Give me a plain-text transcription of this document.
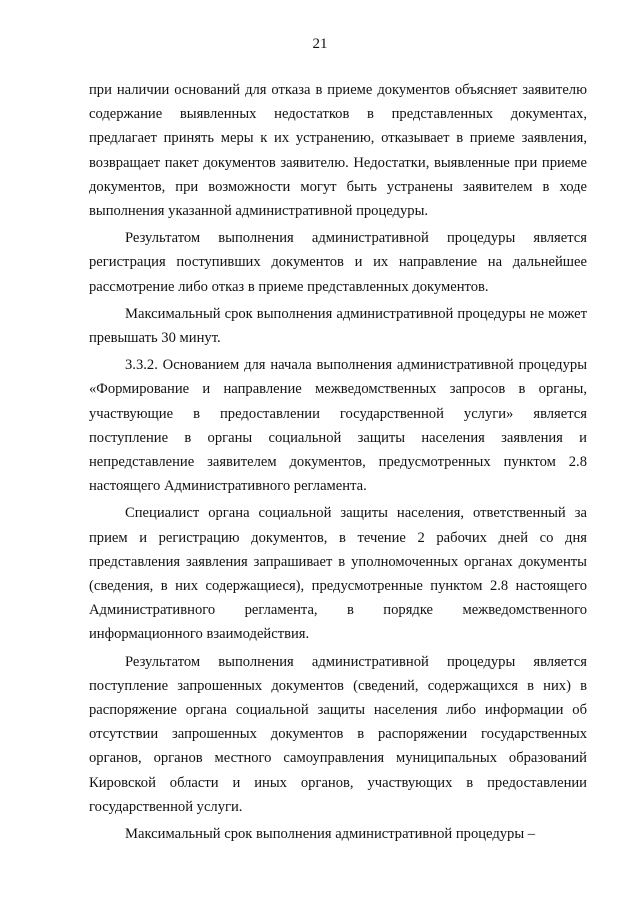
21

при наличии оснований для отказа в приеме документов объясняет заявителю содержание выявленных недостатков в представленных документах, предлагает принять меры к их устранению, отказывает в приеме заявления, возвращает пакет документов заявителю. Недостатки, выявленные при приеме документов, при возможности могут быть устранены заявителем в ходе выполнения указанной административной процедуры.

Результатом выполнения административной процедуры является регистрация поступивших документов и их направление на дальнейшее рассмотрение либо отказ в приеме представленных документов.

Максимальный срок выполнения административной процедуры не может превышать 30 минут.

3.3.2. Основанием для начала выполнения административной процедуры «Формирование и направление межведомственных запросов в органы, участвующие в предоставлении государственной услуги» является поступление в органы социальной защиты населения заявления и непредставление заявителем документов, предусмотренных пунктом 2.8 настоящего Административного регламента.

Специалист органа социальной защиты населения, ответственный за прием и регистрацию документов, в течение 2 рабочих дней со дня представления заявления запрашивает в уполномоченных органах документы (сведения, в них содержащиеся), предусмотренные пунктом 2.8 настоящего Административного регламента, в порядке межведомственного информационного взаимодействия.

Результатом выполнения административной процедуры является поступление запрошенных документов (сведений, содержащихся в них) в распоряжение органа социальной защиты населения либо информации об отсутствии запрошенных документов в распоряжении государственных органов, органов местного самоуправления муниципальных образований Кировской области и иных органов, участвующих в предоставлении государственной услуги.

Максимальный срок выполнения административной процедуры –
